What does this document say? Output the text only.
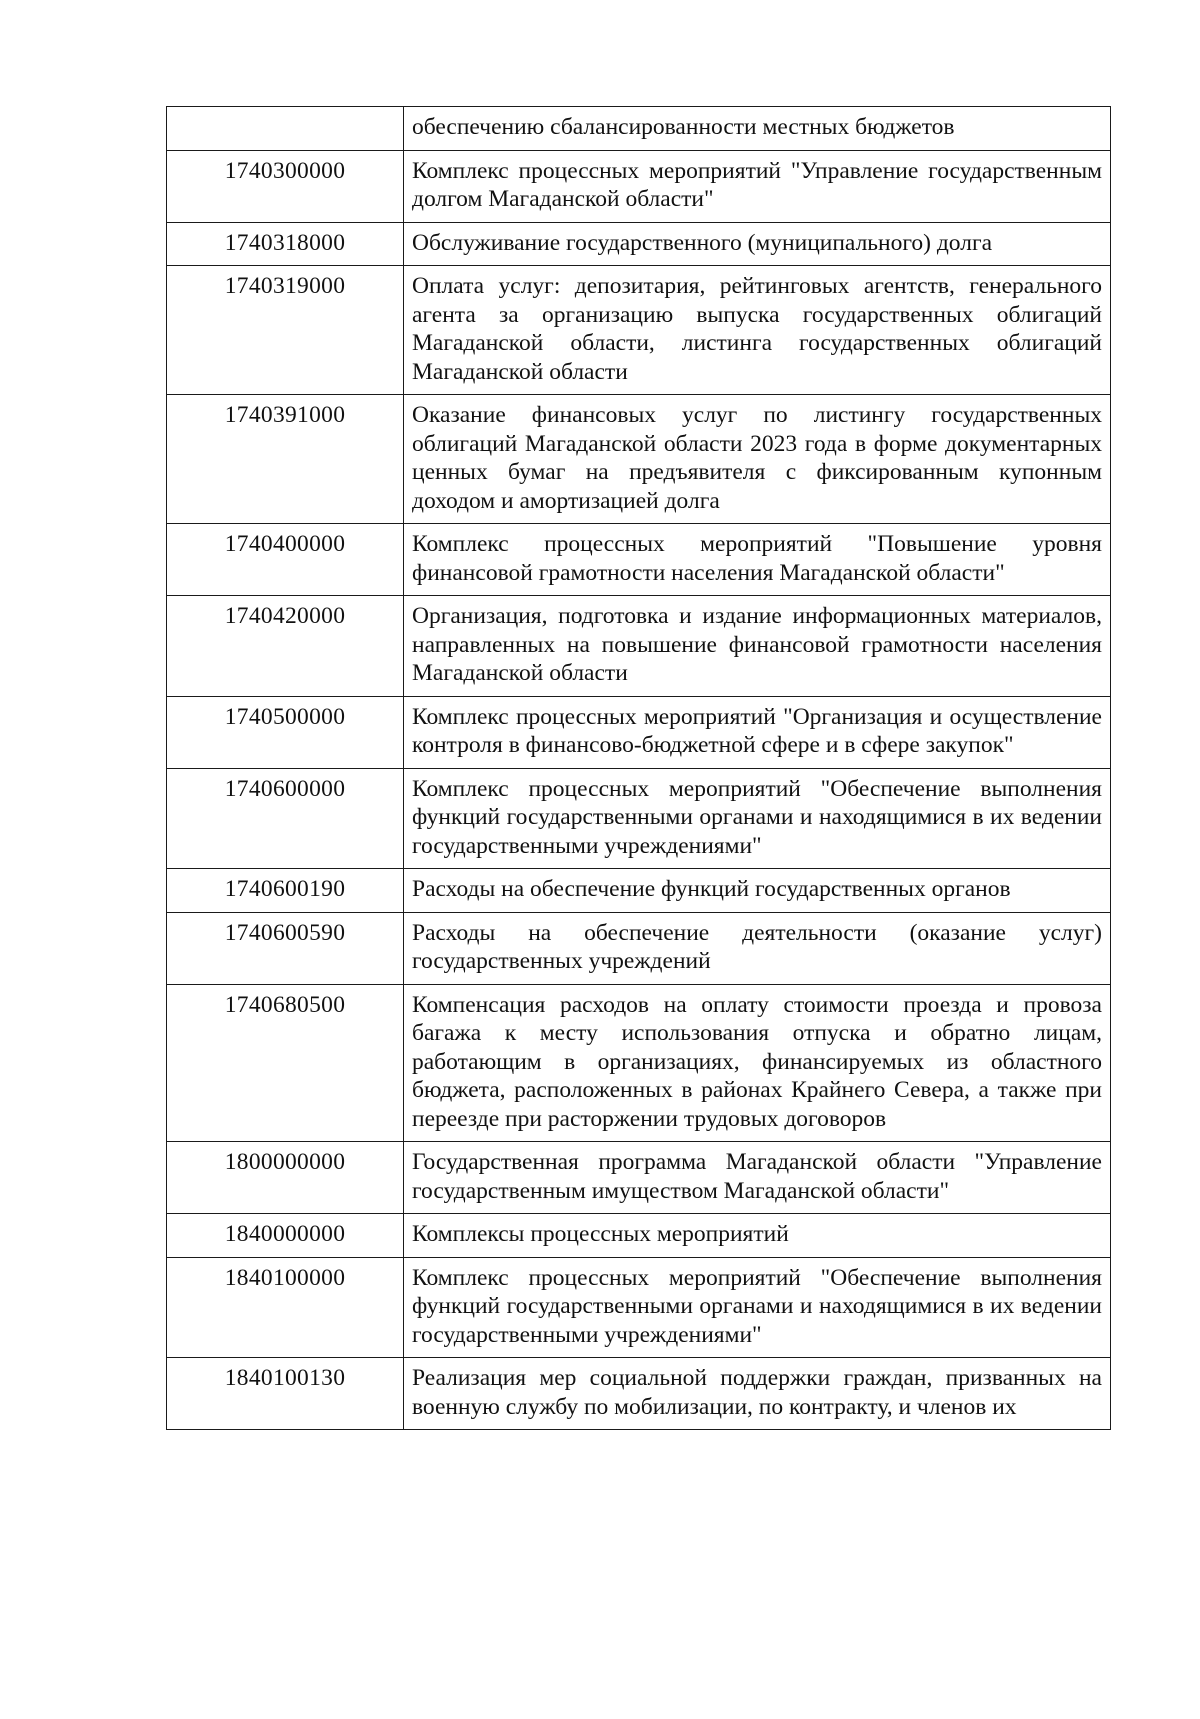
	обеспечению сбалансированности местных бюджетов
1740300000	Комплекс процессных мероприятий "Управление государственным долгом Магаданской области"
1740318000	Обслуживание государственного (муниципального) долга
1740319000	Оплата услуг: депозитария, рейтинговых агентств, генерального агента за организацию выпуска государственных облигаций Магаданской области, листинга государственных облигаций Магаданской области
1740391000	Оказание финансовых услуг по листингу государственных облигаций Магаданской области 2023 года в форме документарных ценных бумаг на предъявителя с фиксированным купонным доходом и амортизацией долга
1740400000	Комплекс процессных мероприятий "Повышение уровня финансовой грамотности населения Магаданской области"
1740420000	Организация, подготовка и издание информационных материалов, направленных на повышение финансовой грамотности населения Магаданской области
1740500000	Комплекс процессных мероприятий "Организация и осуществление контроля в финансово-бюджетной сфере и в сфере закупок"
1740600000	Комплекс процессных мероприятий "Обеспечение выполнения функций государственными органами и находящимися в их ведении государственными учреждениями"
1740600190	Расходы на обеспечение функций государственных органов
1740600590	Расходы на обеспечение деятельности (оказание услуг) государственных учреждений
1740680500	Компенсация расходов на оплату стоимости проезда и провоза багажа к месту использования отпуска и обратно лицам, работающим в организациях, финансируемых из областного бюджета, расположенных в районах Крайнего Севера, а также при переезде при расторжении трудовых договоров
1800000000	Государственная программа Магаданской области "Управление государственным имуществом Магаданской области"
1840000000	Комплексы процессных мероприятий
1840100000	Комплекс процессных мероприятий "Обеспечение выполнения функций государственными органами и находящимися в их ведении государственными учреждениями"
1840100130	Реализация мер социальной поддержки граждан, призванных на военную службу по мобилизации, по контракту, и членов их
